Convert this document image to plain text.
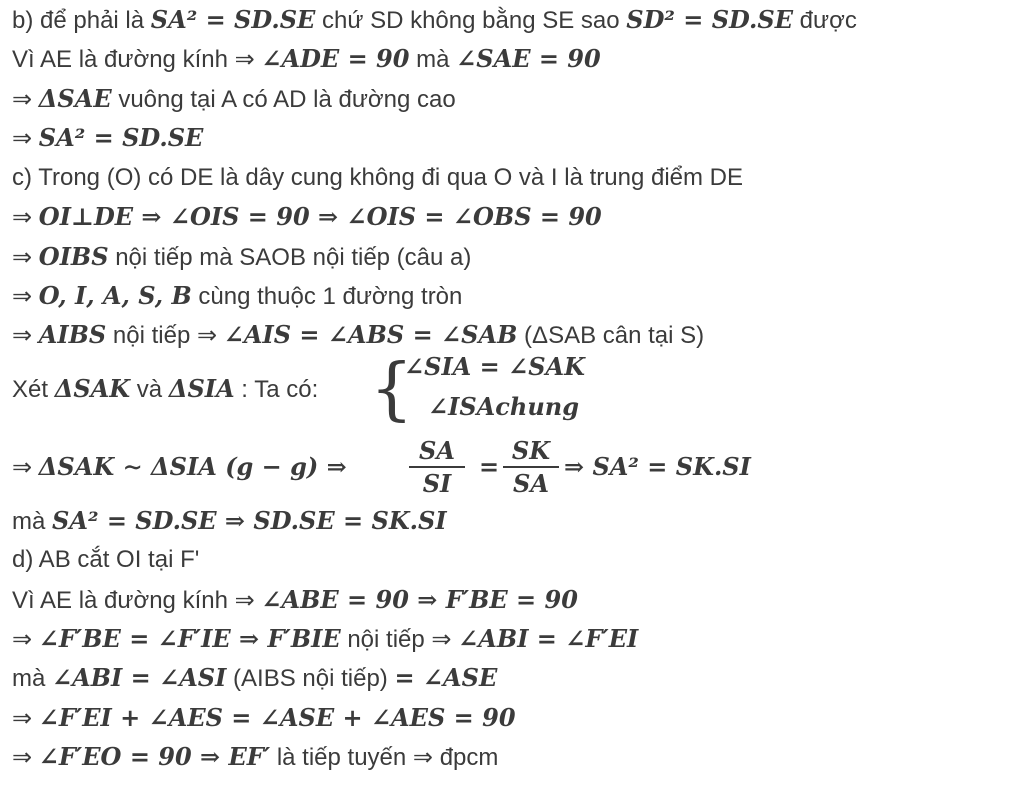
b) để phải là SA² = SD.SE chứ SD không bằng SE sao SD² = SD.SE được
Vì AE là đường kính ⇒ ∠ADE = 90 mà ∠SAE = 90
⇒ ΔSAE vuông tại A có AD là đường cao
⇒ SA² = SD.SE
c) Trong (O) có DE là dây cung không đi qua O và I là trung điểm DE
⇒ OI⊥DE ⇒ ∠OIS = 90 ⇒ ∠OIS = ∠OBS = 90
⇒ OIBS nội tiếp mà SAOB nội tiếp (câu a)
⇒ O, I, A, S, B cùng thuộc 1 đường tròn
⇒ AIBS nội tiếp ⇒ ∠AIS = ∠ABS = ∠SAB (ΔSAB cân tại S)
Xét ΔSAK và ΔSIA : Ta có: {
∠SIA = ∠SAK
∠ISAchung
⇒ ΔSAK ∼ ΔSIA (g − g) ⇒	$\frac{SA}{SI} = \frac{SK}{SA}$ ⇒ SA² = SK.SI
mà SA² = SD.SE ⇒ SD.SE = SK.SI
d) AB cắt OI tại F'
Vì AE là đường kính ⇒ ∠ABE = 90 ⇒ F′BE = 90
⇒ ∠F′BE = ∠F′IE ⇒ F′BIE nội tiếp ⇒ ∠ABI = ∠F′EI
mà ∠ABI = ∠ASI (AIBS nội tiếp) = ∠ASE
⇒ ∠F′EI + ∠AES = ∠ASE + ∠AES = 90
⇒ ∠F′EO = 90 ⇒ EF′ là tiếp tuyến ⇒ đpcm
